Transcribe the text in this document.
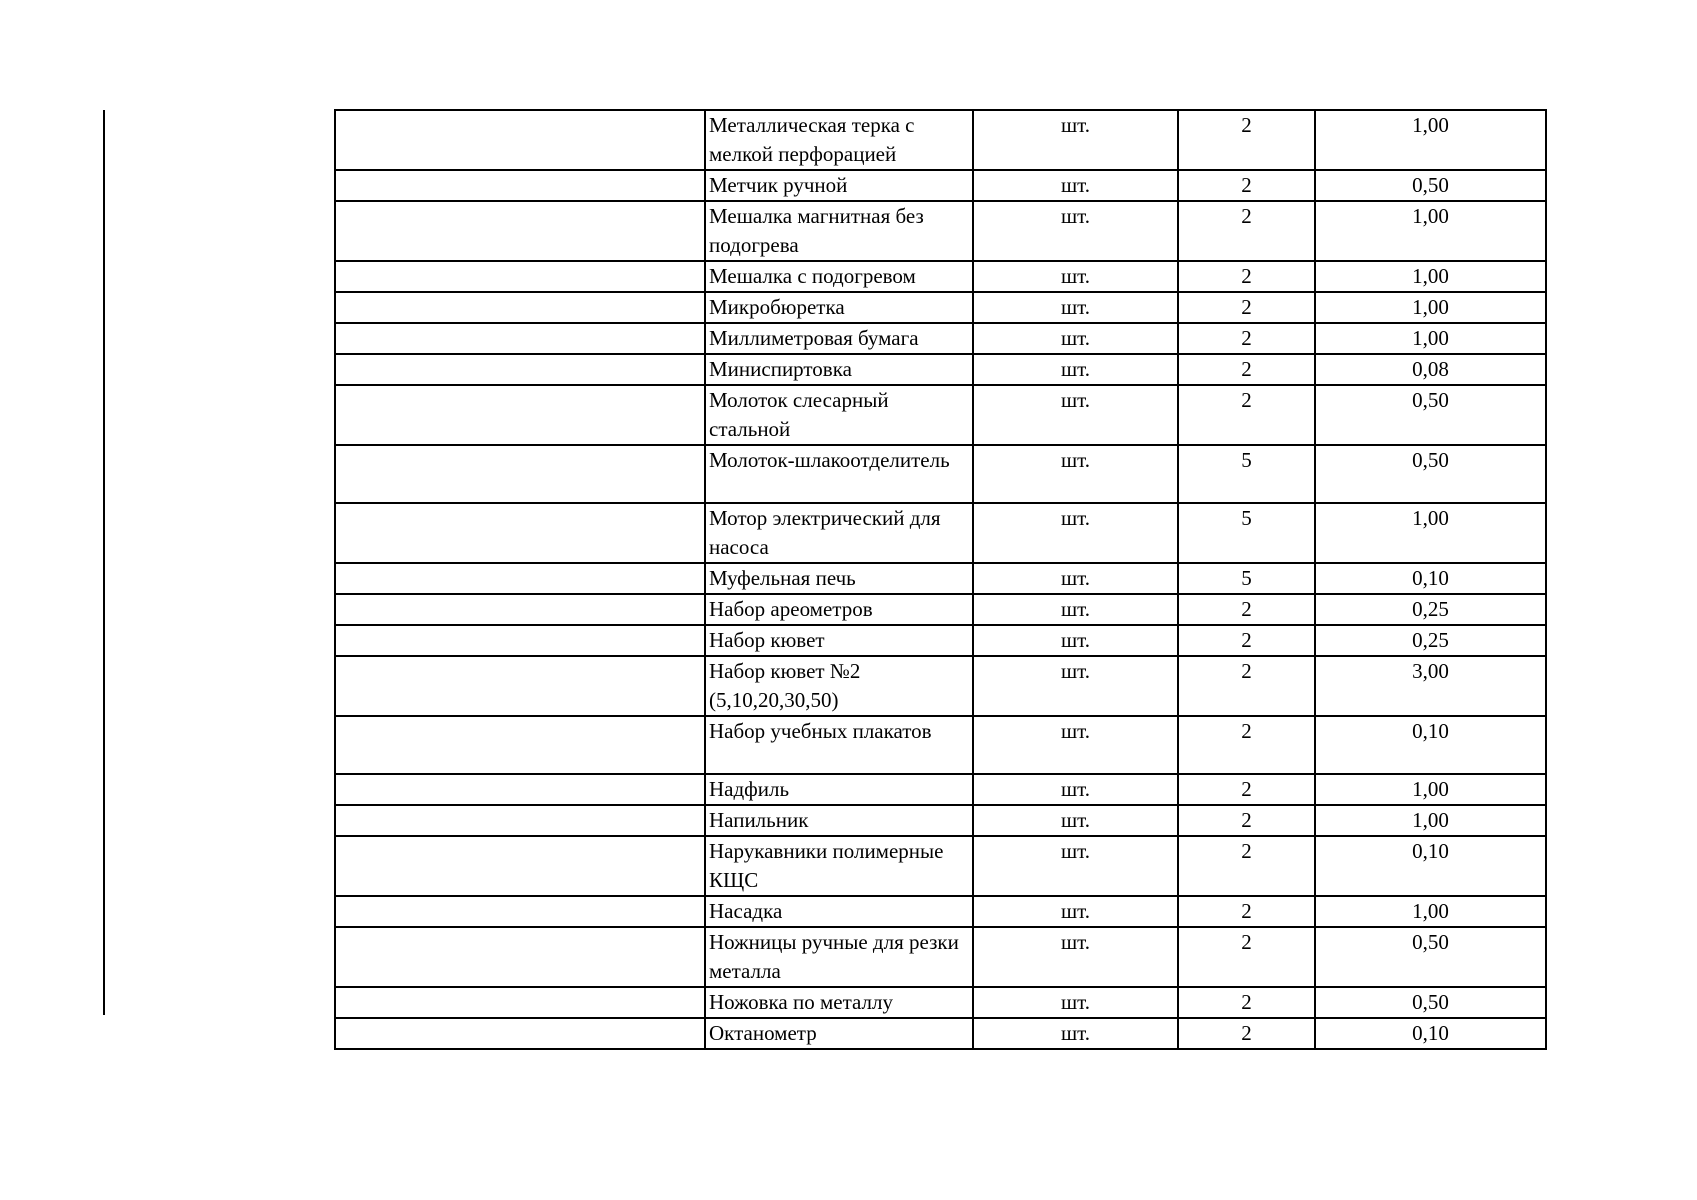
	Металлическая терка с мелкой перфорацией	шт.	2	1,00
	Метчик ручной	шт.	2	0,50
	Мешалка магнитная без подогрева	шт.	2	1,00
	Мешалка с подогревом	шт.	2	1,00
	Микробюретка	шт.	2	1,00
	Миллиметровая бумага	шт.	2	1,00
	Миниспиртовка	шт.	2	0,08
	Молоток слесарный стальной	шт.	2	0,50
	Молоток-шлакоотделитель	шт.	5	0,50
	Мотор электрический для насоса	шт.	5	1,00
	Муфельная печь	шт.	5	0,10
	Набор ареометров	шт.	2	0,25
	Набор кювет	шт.	2	0,25
	Набор кювет №2 (5,10,20,30,50)	шт.	2	3,00
	Набор учебных плакатов	шт.	2	0,10
	Надфиль	шт.	2	1,00
	Напильник	шт.	2	1,00
	Нарукавники полимерные КЩС	шт.	2	0,10
	Насадка	шт.	2	1,00
	Ножницы ручные для резки металла	шт.	2	0,50
	Ножовка по металлу	шт.	2	0,50
	Октанометр	шт.	2	0,10
